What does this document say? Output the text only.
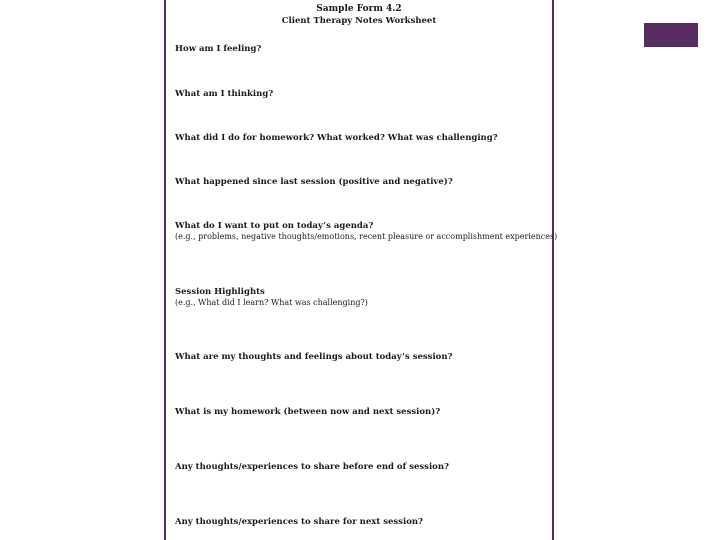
Sample Form 4.2
Client Therapy Notes Worksheet
How am I feeling?
What am I thinking?
What did I do for homework? What worked? What was challenging?
What happened since last session (positive and negative)?
What do I want to put on today’s agenda?
(e.g., problems, negative thoughts/emotions, recent pleasure or accomplishment experiences)
Session Highlights
(e.g., What did I learn? What was challenging?)
What are my thoughts and feelings about today’s session?
What is my homework (between now and next session)?
Any thoughts/experiences to share before end of session?
Any thoughts/experiences to share for next session?
